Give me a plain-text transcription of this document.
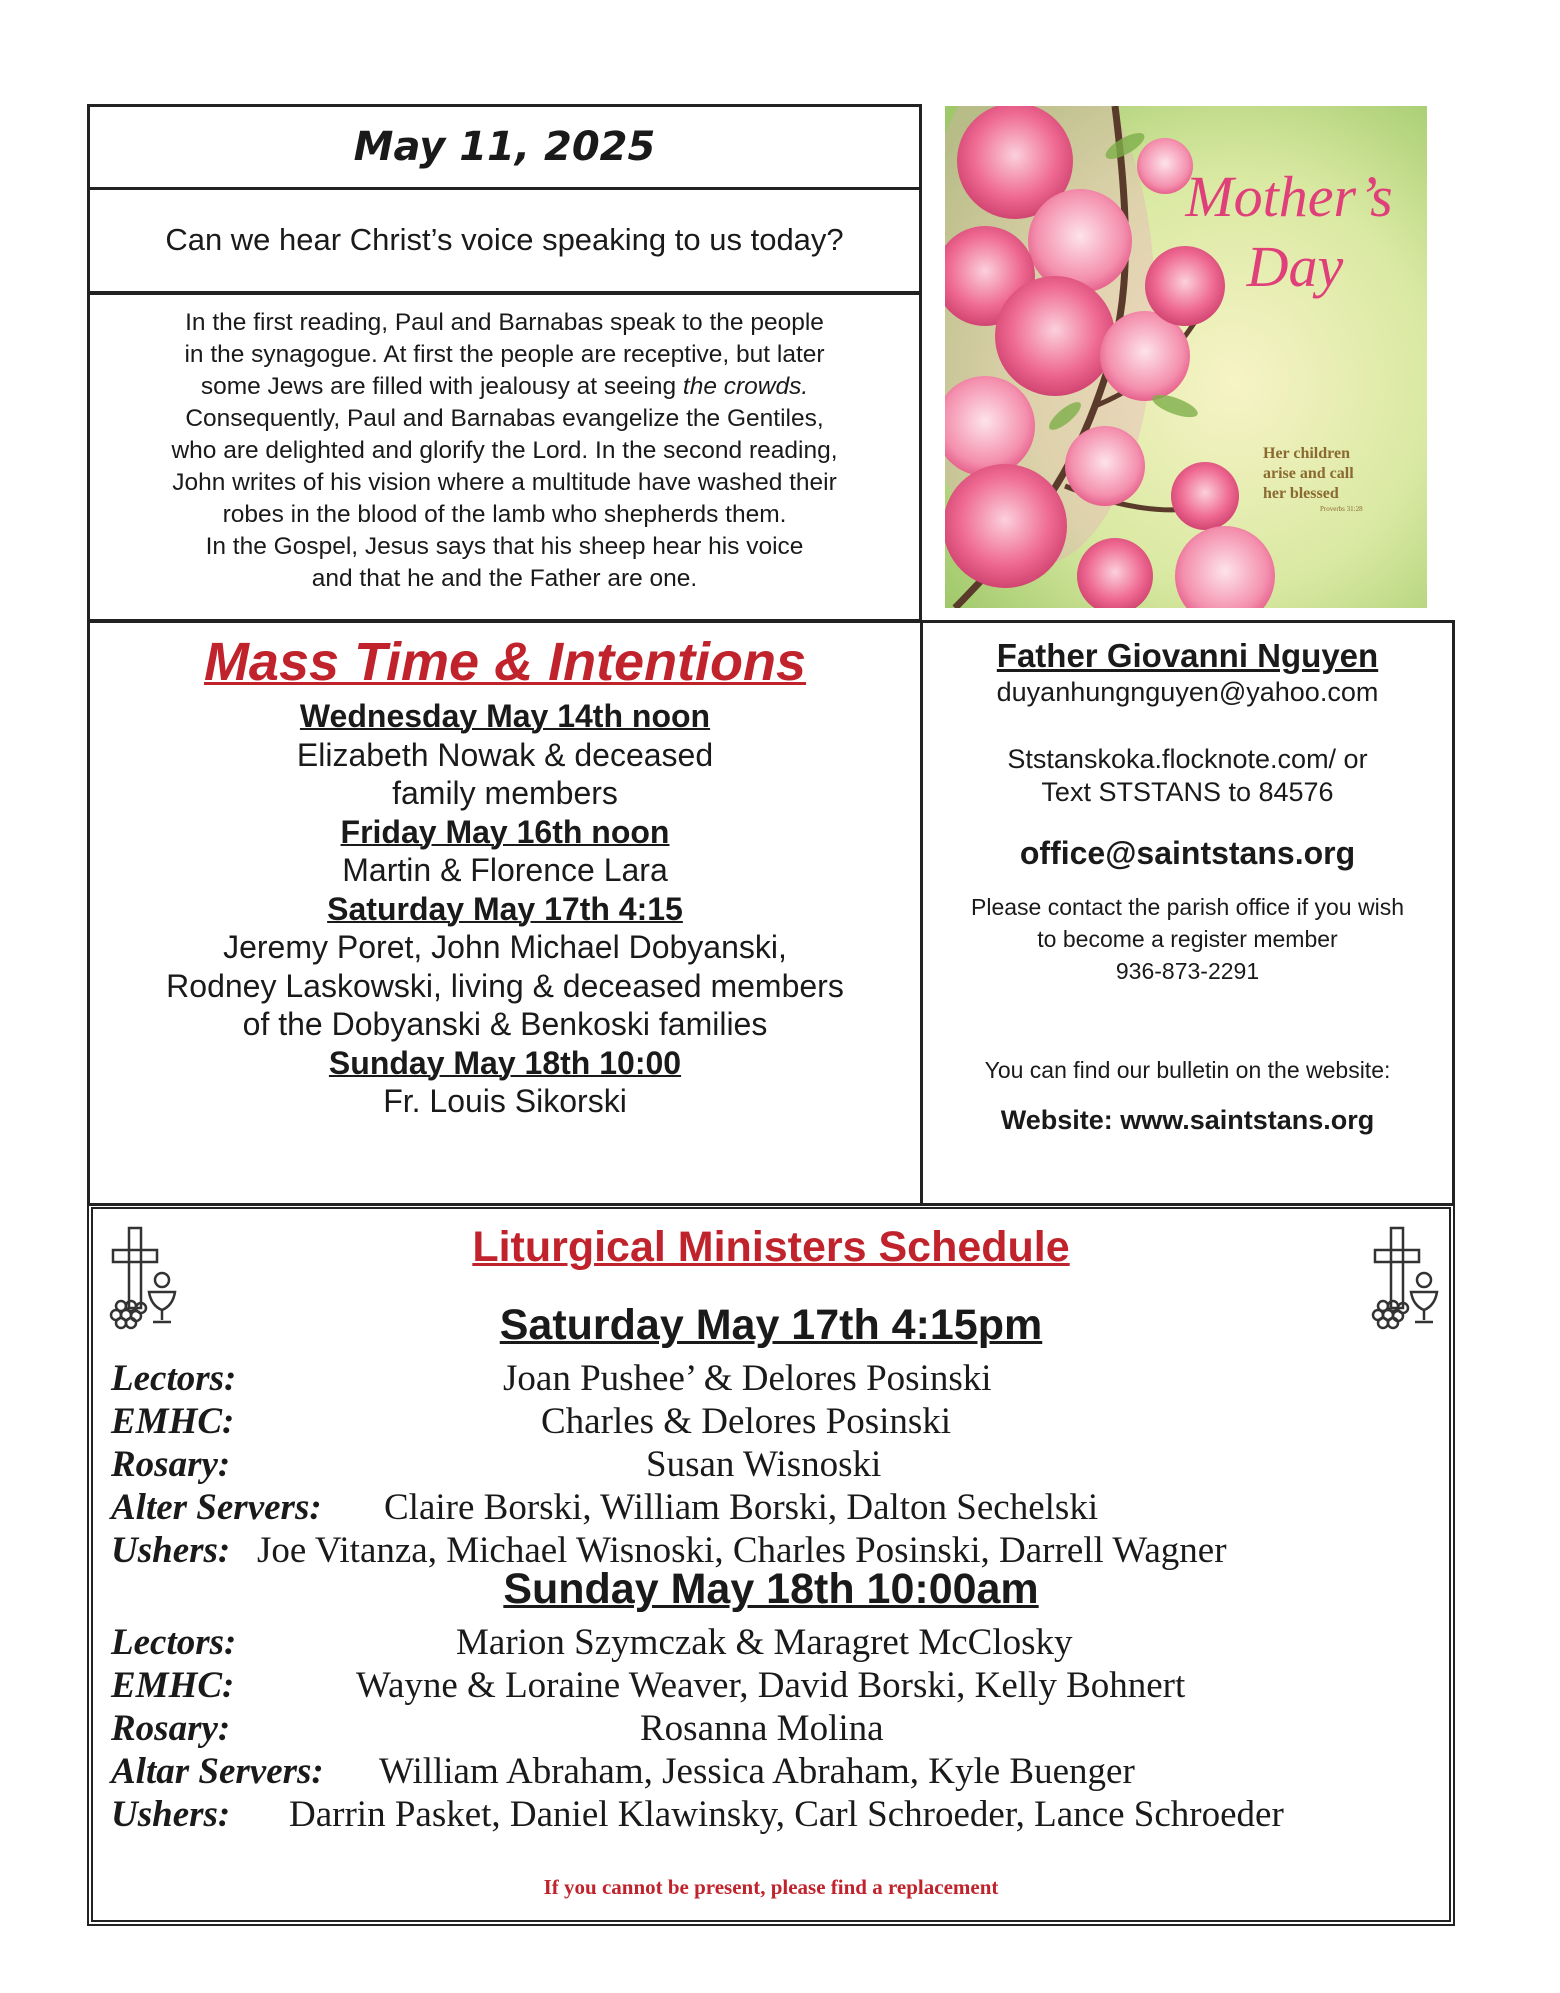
May 11, 2025
Can we hear Christ’s voice speaking to us today?
In the first reading, Paul and Barnabas speak to the people
in the synagogue. At first the people are receptive, but later
some Jews are filled with jealousy at seeing the crowds.
Consequently, Paul and Barnabas evangelize the Gentiles,
who are delighted and glorify the Lord. In the second reading,
John writes of his vision where a multitude have washed their
robes in the blood of the lamb who shepherds them.
In the Gospel, Jesus says that his sheep hear his voice
and that he and the Father are one.
Mother’s
Day
Her children
arise and call
her blessed
Proverbs 31:28
Mass Time & Intentions
Wednesday May 14th noon
Elizabeth Nowak & deceased
family members
Friday May 16th noon
Martin & Florence Lara
Saturday May 17th 4:15
Jeremy Poret, John Michael Dobyanski,
Rodney Laskowski, living & deceased members
of the Dobyanski & Benkoski families
Sunday May 18th 10:00
Fr. Louis Sikorski
Father Giovanni Nguyen
duyanhungnguyen@yahoo.com
Ststanskoka.flocknote.com/ or
Text STSTANS to 84576
office@saintstans.org
Please contact the parish office if you wish
to become a register member
936-873-2291
You can find our bulletin on the website:
Website: www.saintstans.org
Liturgical Ministers Schedule
Saturday May 17th 4:15pm
Lectors:	Joan Pushee’ & Delores Posinski
EMHC:	Charles & Delores Posinski
Rosary:	Susan Wisnoski
Alter Servers: Claire Borski, William Borski, Dalton Sechelski
Ushers: Joe Vitanza, Michael Wisnoski, Charles Posinski, Darrell Wagner
Sunday May 18th 10:00am
Lectors:	Marion Szymczak & Maragret McClosky
EMHC:	Wayne & Loraine Weaver, David Borski, Kelly Bohnert
Rosary:	Rosanna Molina
Altar Servers: William Abraham, Jessica Abraham, Kyle Buenger
Ushers: Darrin Pasket, Daniel Klawinsky, Carl Schroeder, Lance Schroeder
If you cannot be present, please find a replacement
